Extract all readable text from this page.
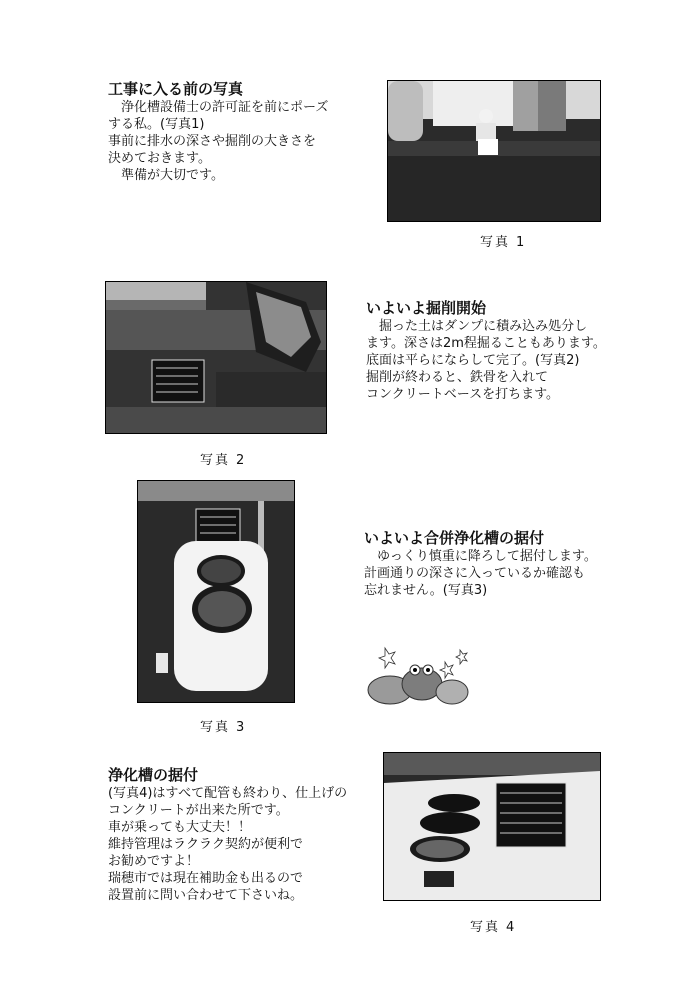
工事に入る前の写真

　浄化槽設備士の許可証を前にポーズ

する私。(写真1)

事前に排水の深さや掘削の大きさを

決めておきます。

　準備が大切です。

写真 1
写真 2

いよいよ掘削開始

　掘った土はダンプに積み込み処分し

ます。深さは2m程掘ることもあります。

底面は平らにならして完了。(写真2)

掘削が終わると、鉄骨を入れて

コンクリートベースを打ちます。

写真 3

いよいよ合併浄化槽の据付

　ゆっくり慎重に降ろして据付します。

計画通りの深さに入っているか確認も

忘れません。(写真3)

浄化槽の据付

(写真4)はすべて配管も終わり、仕上げの

コンクリートが出来た所です。

車が乗っても大丈夫！！

維持管理はラクラク契約が便利で

お勧めですよ！

瑞穂市では現在補助金も出るので

設置前に問い合わせて下さいね。

写真 4
